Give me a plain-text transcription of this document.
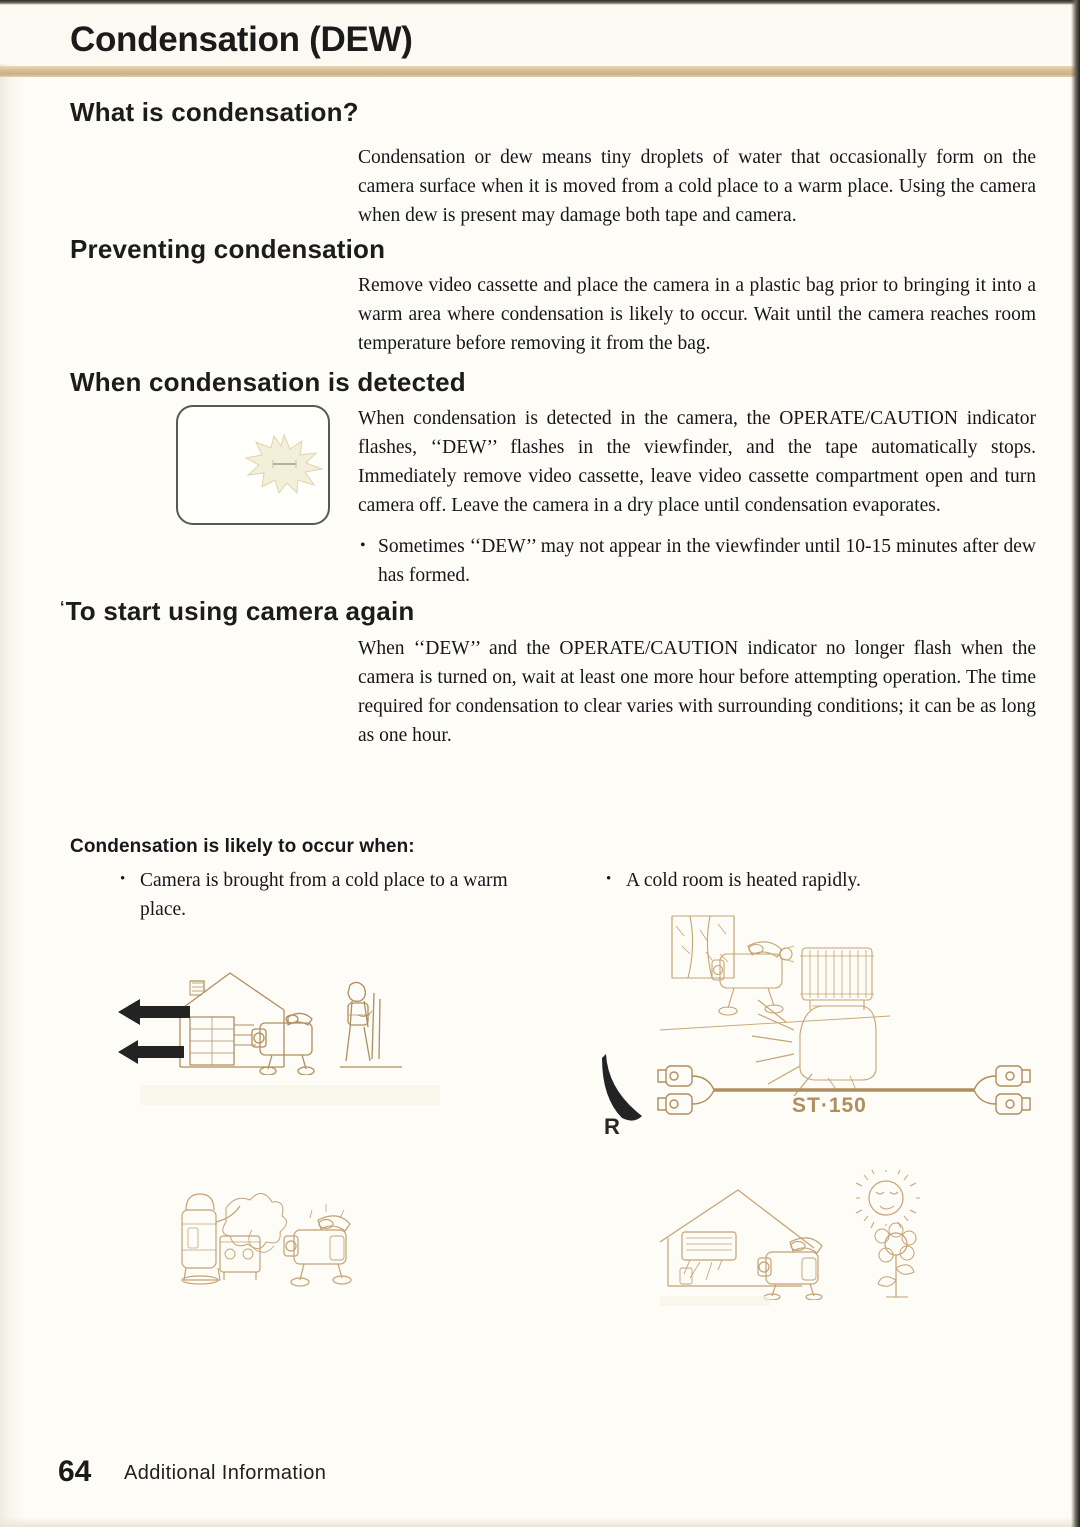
Condensation (DEW)
What is condensation?
Condensation or dew means tiny droplets of water that occasionally form on the camera surface when it is moved from a cold place to a warm place. Using the camera when dew is present may damage both tape and camera.
Preventing condensation
Remove video cassette and place the camera in a plastic bag prior to bringing it into a warm area where condensation is likely to occur. Wait until the camera reaches room temperature before removing it from the bag.
When condensation is detected
When condensation is detected in the camera, the OPERATE/CAUTION indicator flashes, ‘‘DEW’’ flashes in the viewfinder, and the tape automatically stops. Immediately remove video cassette, leave video cassette compartment open and turn camera off. Leave the camera in a dry place until condensation evaporates.
• Sometimes ‘‘DEW’’ may not appear in the viewfinder until 10-15 minutes after dew has formed.
‘To start using camera again
When ‘‘DEW’’ and the OPERATE/CAUTION indicator no longer flash when the camera is turned on, wait at least one more hour before attempting operation. The time required for condensation to clear varies with surrounding conditions; it can be as long as one hour.
Condensation is likely to occur when:
• Camera is brought from a cold place to a warm place.
• A cold room is heated rapidly.
ST·150
R
64 Additional Information
